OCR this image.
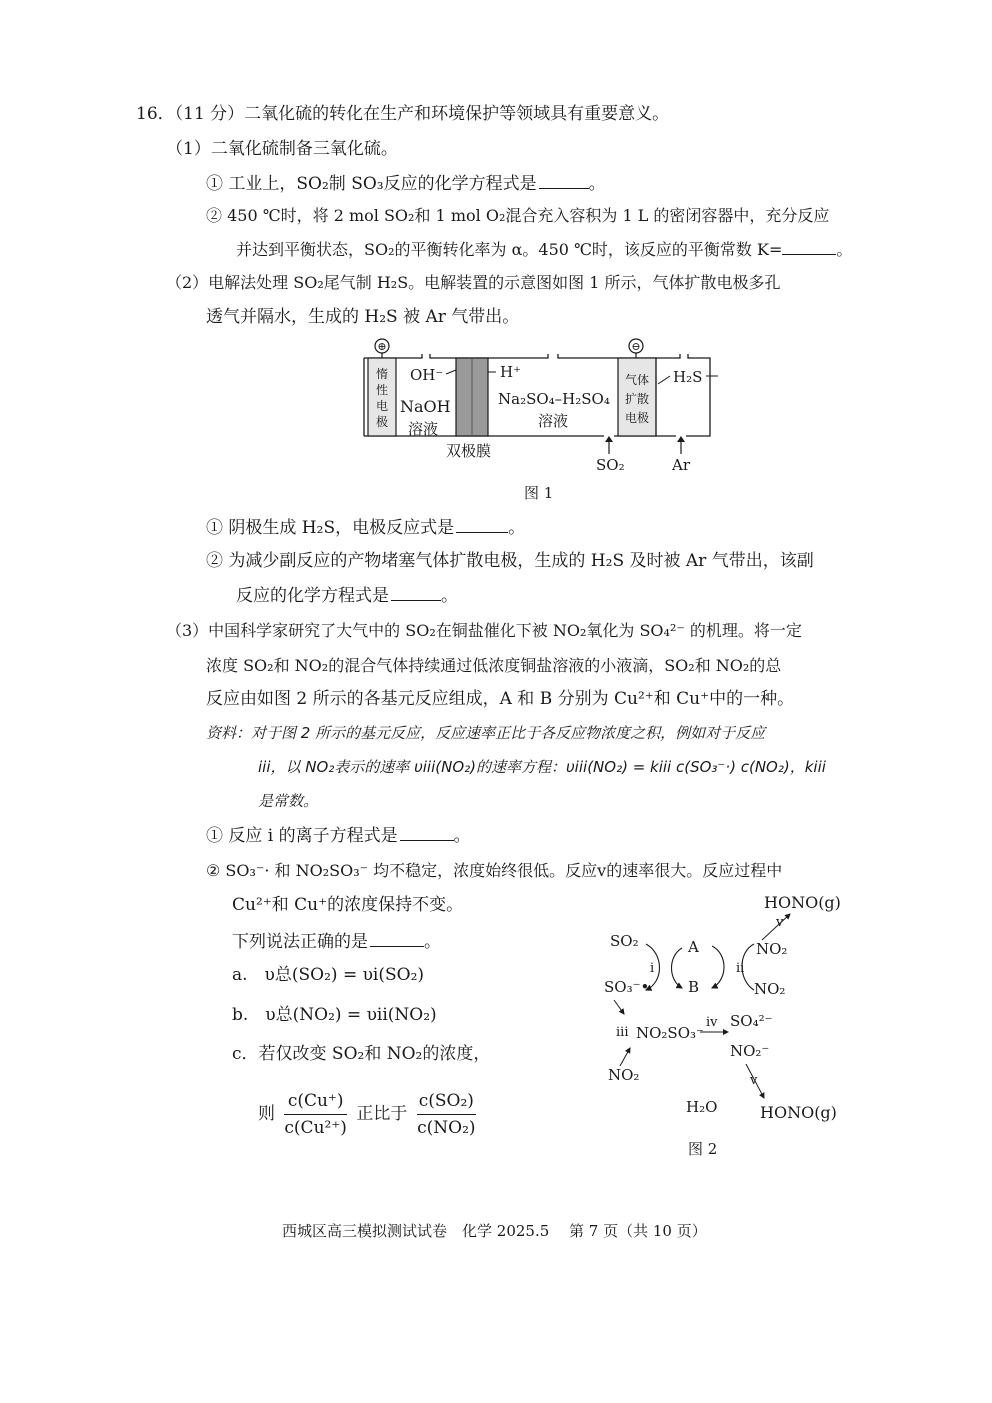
16．（11 分）二氧化硫的转化在生产和环境保护等领域具有重要意义。
（1）二氧化硫制备三氧化硫。
① 工业上，SO₂制 SO₃反应的化学方程式是	。
② 450 ℃时，将 2 mol SO₂和 1 mol O₂混合充入容积为 1 L 的密闭容器中，充分反应
并达到平衡状态，SO₂的平衡转化率为 α。450 ℃时，该反应的平衡常数 K=	。
（2）电解法处理 SO₂尾气制 H₂S。电解装置的示意图如图 1 所示，气体扩散电极多孔
透气并隔水，生成的 H₂S 被 Ar 气带出。
⊕	⊖
惰
性
电
极
气体
扩散
电极
OH⁻
NaOH
溶液
H⁺
Na₂SO₄–H₂SO₄
溶液
H₂S
双极膜
SO₂	Ar
图 1
① 阴极生成 H₂S，电极反应式是	。
② 为减少副反应的产物堵塞气体扩散电极，生成的 H₂S 及时被 Ar 气带出，该副
反应的化学方程式是	。
（3）中国科学家研究了大气中的 SO₂在铜盐催化下被 NO₂氧化为 SO₄²⁻ 的机理。将一定
浓度 SO₂和 NO₂的混合气体持续通过低浓度铜盐溶液的小液滴，SO₂和 NO₂的总
反应由如图 2 所示的各基元反应组成，A 和 B 分别为 Cu²⁺和 Cu⁺中的一种。
资料：对于图 2 所示的基元反应，反应速率正比于各反应物浓度之积，例如对于反应
iii，以 NO₂表示的速率 υiii(NO₂)的速率方程：υiii(NO₂) = kiii c(SO₃⁻·) c(NO₂)，kiii
是常数。
① 反应 i 的离子方程式是	。
② SO₃⁻· 和 NO₂SO₃⁻ 均不稳定，浓度始终很低。反应v的速率很大。反应过程中
Cu²⁺和 Cu⁺的浓度保持不变。
下列说法正确的是	。
a.　υ总(SO₂) = υi(SO₂)
b.　υ总(NO₂) = υii(NO₂)
c．若仅改变 SO₂和 NO₂的浓度，
则 $\frac{c(Cu^+)}{\text{c(Cu²⁺)}}$ 正比于 $\frac{\text{c(SO₂)}}{\text{c(NO₂)}}$
HONO(g)
v
NO₂
SO₂	A
i	ii
SO₃⁻•	B	NO₂
iii NO₂SO₃⁻
iv SO₄²⁻
NO₂⁻
NO₂	v
H₂O	HONO(g)
图 2
西城区高三模拟测试试卷　化学 2025.5　 第 7 页（共 10 页）
